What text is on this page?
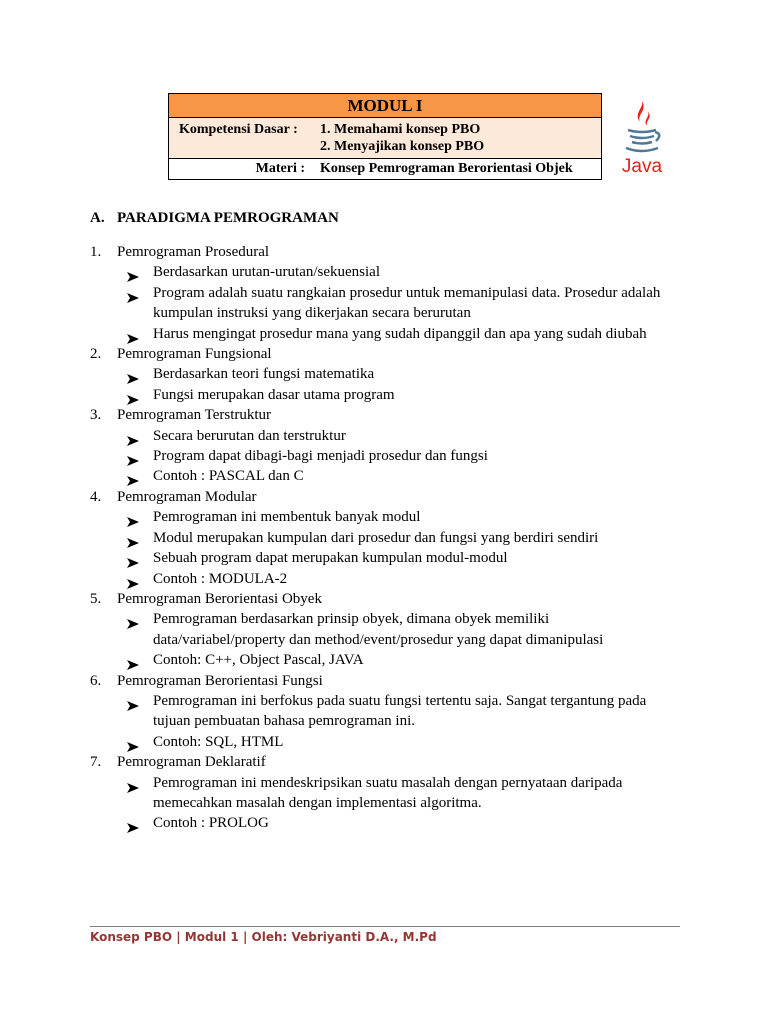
MODUL I
Kompetensi Dasar : 1. Memahami konsep PBO
2. Menyajikan konsep PBO
Materi : Konsep Pemrograman Berorientasi Objek	Java
A. PARADIGMA PEMROGRAMAN
1. Pemrograman Prosedural
Berdasarkan urutan-urutan/sekuensial
Program adalah suatu rangkaian prosedur untuk memanipulasi data. Prosedur adalah
kumpulan instruksi yang dikerjakan secara berurutan
Harus mengingat prosedur mana yang sudah dipanggil dan apa yang sudah diubah
2. Pemrograman Fungsional
Berdasarkan teori fungsi matematika
Fungsi merupakan dasar utama program
3. Pemrograman Terstruktur
Secara berurutan dan terstruktur
Program dapat dibagi-bagi menjadi prosedur dan fungsi
Contoh : PASCAL dan C
4. Pemrograman Modular
Pemrograman ini membentuk banyak modul
Modul merupakan kumpulan dari prosedur dan fungsi yang berdiri sendiri
Sebuah program dapat merupakan kumpulan modul-modul
Contoh : MODULA-2
5. Pemrograman Berorientasi Obyek
Pemrograman berdasarkan prinsip obyek, dimana obyek memiliki
data/variabel/property dan method/event/prosedur yang dapat dimanipulasi
Contoh: C++, Object Pascal, JAVA
6. Pemrograman Berorientasi Fungsi
Pemrograman ini berfokus pada suatu fungsi tertentu saja. Sangat tergantung pada
tujuan pembuatan bahasa pemrograman ini.
Contoh: SQL, HTML
7. Pemrograman Deklaratif
Pemrograman ini mendeskripsikan suatu masalah dengan pernyataan daripada
memecahkan masalah dengan implementasi algoritma.
Contoh : PROLOG
Konsep PBO | Modul 1 | Oleh: Vebriyanti D.A., M.Pd
